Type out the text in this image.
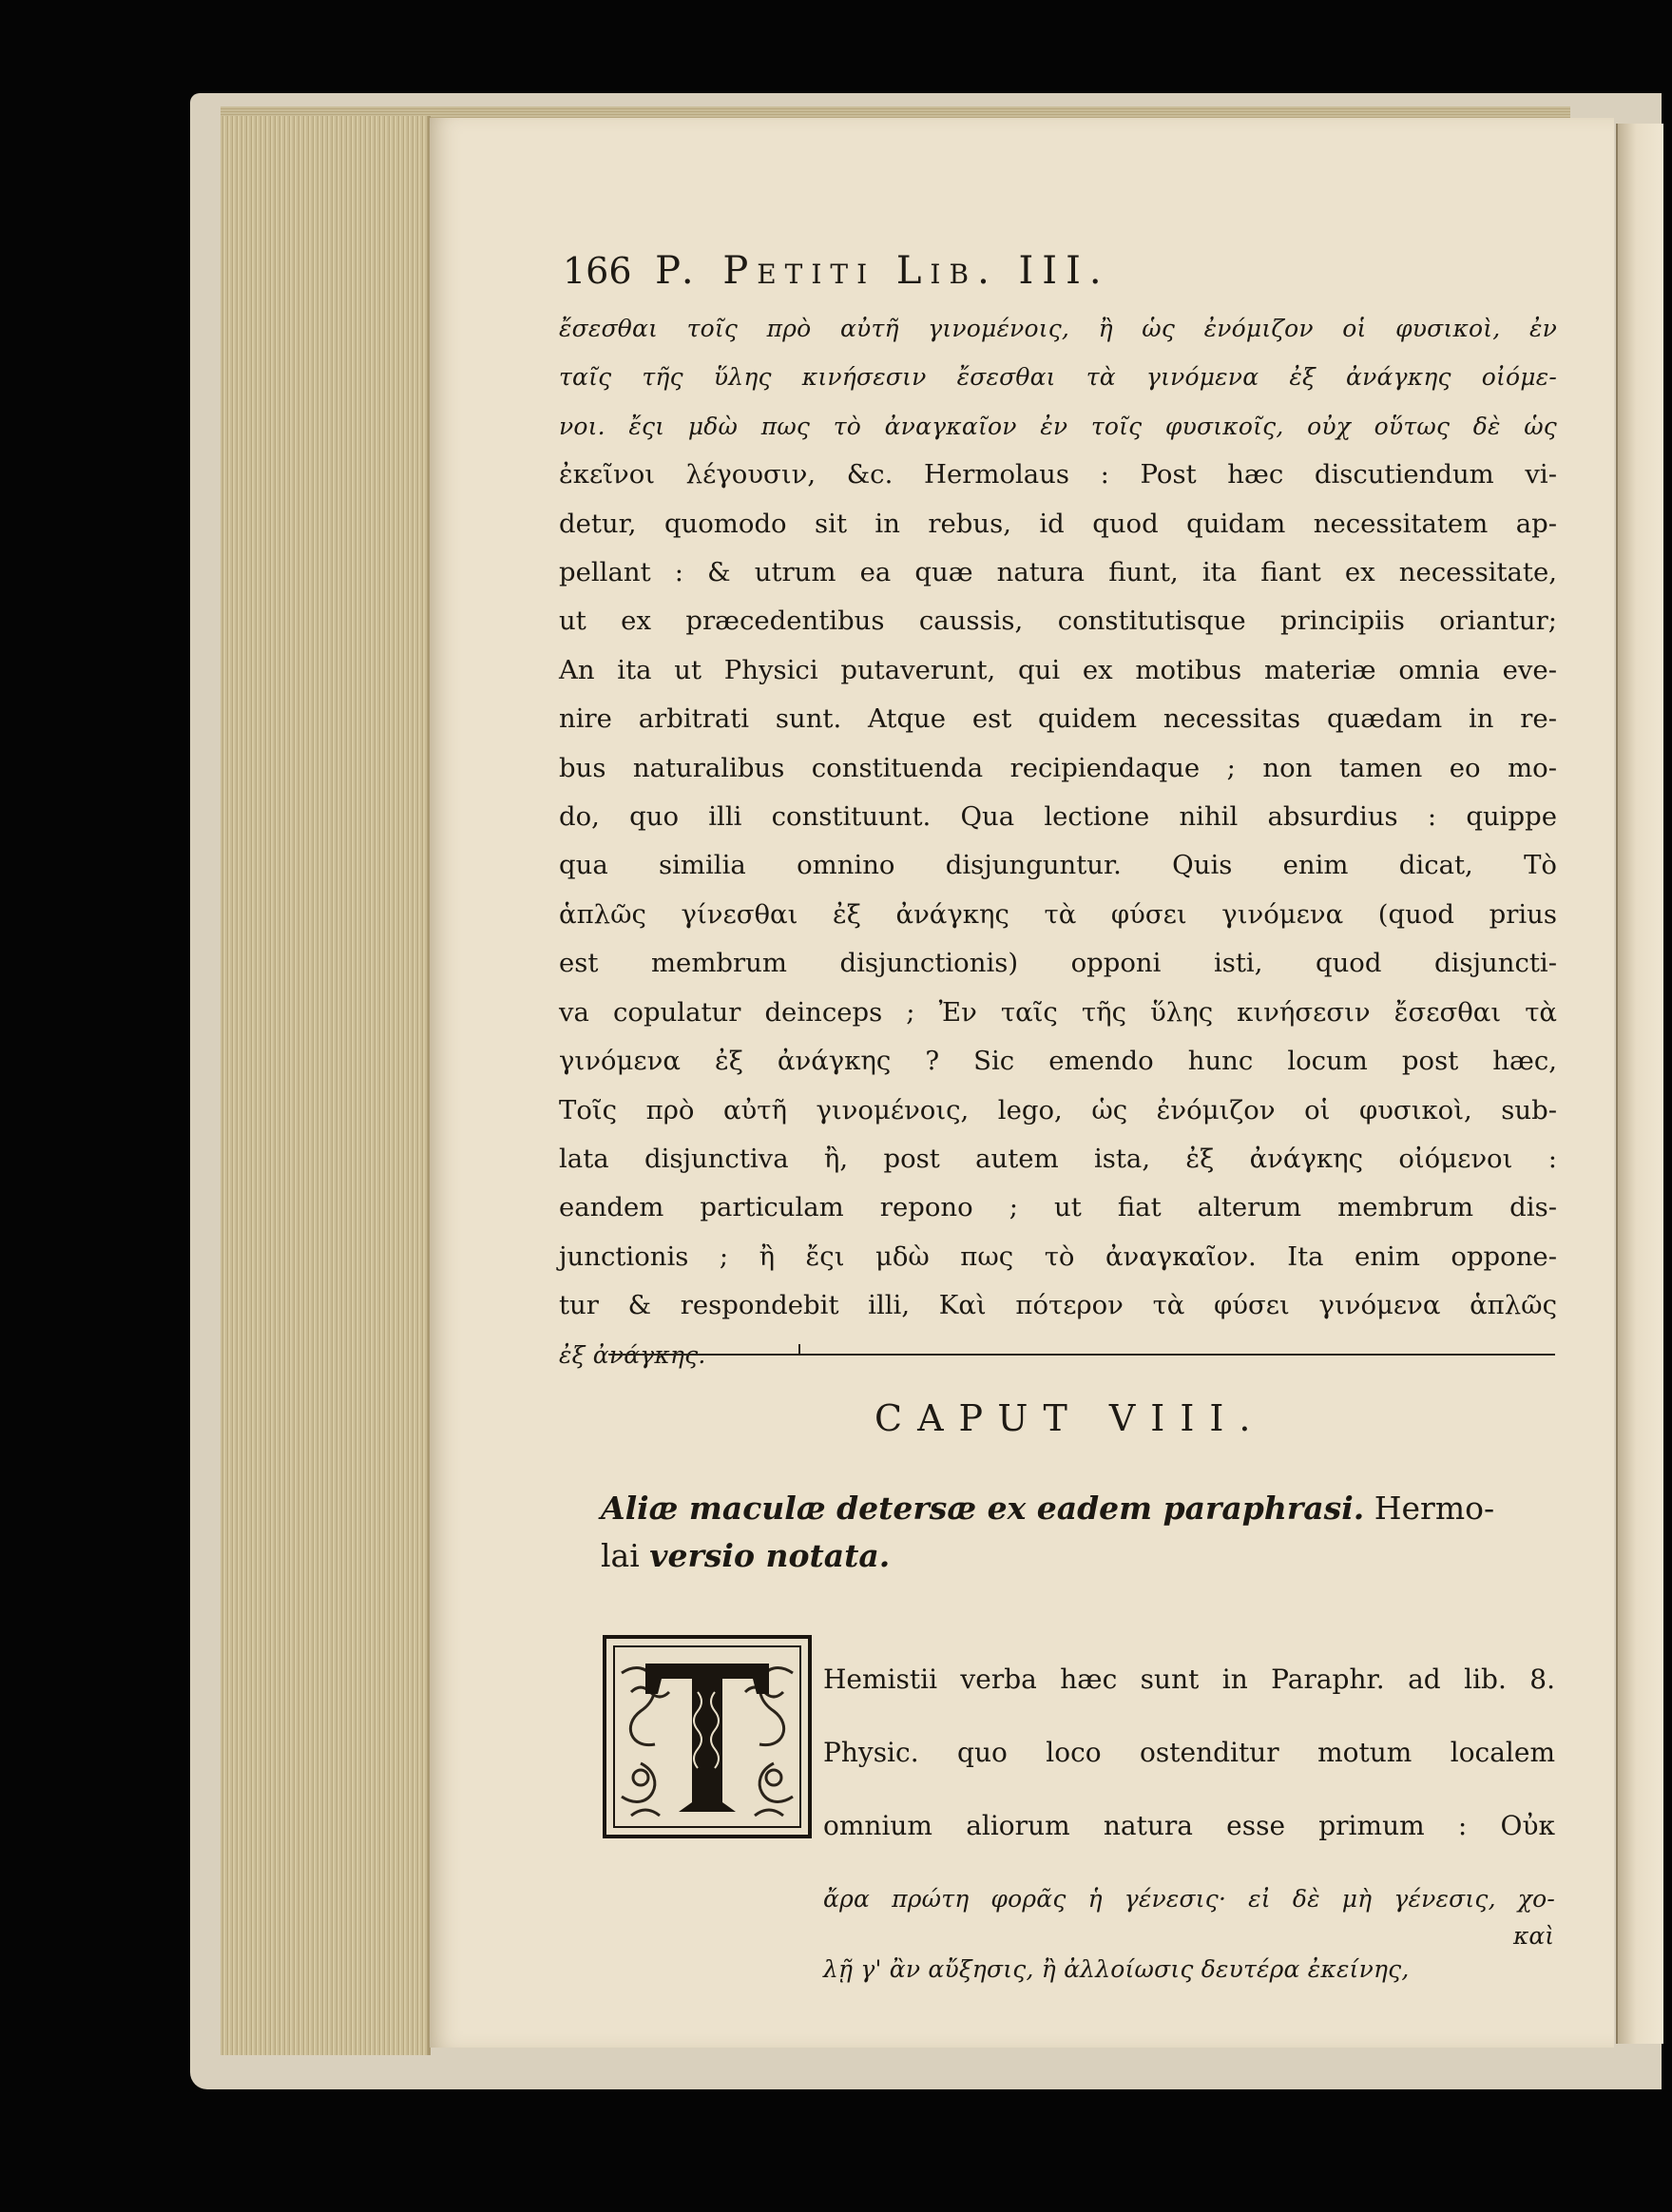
166 P. Petiti Lib. III.

ἔσεσθαι τοῖς πρὸ αὐτῆ γινομένοις, ἢ ὡς ἐνόμιζον οἱ φυσικοὶ, ἐν

ταῖς τῆς ὕλης κινήσεσιν ἔσεσθαι τὰ γινόμενα ἐξ ἀνάγκης οἰόμε-

νοι. ἔςι μδὼ πως τὸ ἀναγκαῖον ἐν τοῖς φυσικοῖς, οὐχ οὕτως δὲ ὡς

ἐκεῖνοι λέγουσιν, &c. Hermolaus : Post hæc discutiendum vi-

detur, quomodo sit in rebus, id quod quidam necessitatem ap-

pellant : & utrum ea quæ natura fiunt, ita fiant ex necessitate,

ut ex præcedentibus caussis, constitutisque principiis oriantur;

An ita ut Physici putaverunt, qui ex motibus materiæ omnia eve-

nire arbitrati sunt. Atque est quidem necessitas quædam in re-

bus naturalibus constituenda recipiendaque ; non tamen eo mo-

do, quo illi constituunt. Qua lectione nihil absurdius : quippe

qua similia omnino disjunguntur. Quis enim dicat, Τὸ

ἁπλῶς γίνεσθαι ἐξ ἀνάγκης τὰ φύσει γινόμενα (quod prius

est membrum disjunctionis) opponi isti, quod disjuncti-

va copulatur deinceps ; Ἐν ταῖς τῆς ὕλης κινήσεσιν ἔσεσθαι τὰ

γινόμενα ἐξ ἀνάγκης ? Sic emendo hunc locum post hæc,

Τοῖς πρὸ αὐτῆ γινομένοις, lego, ὡς ἐνόμιζον οἱ φυσικοὶ, sub-

lata disjunctiva ἢ, post autem ista, ἐξ ἀνάγκης οἰόμενοι :

eandem particulam repono ; ut fiat alterum membrum dis-

junctionis ; ἢ ἔςι μδὼ πως τὸ ἀναγκαῖον. Ita enim oppone-

tur & respondebit illi, Καὶ πότερον τὰ φύσει γινόμενα ἁπλῶς

ἐξ ἀνάγκης.

CAPUT VIII.
Aliæ maculæ detersæ ex eadem paraphrasi. Hermo-
lai versio notata.

Hemistii verba hæc sunt in Paraphr. ad lib. 8.

Physic. quo loco ostenditur motum localem

omnium aliorum natura esse primum : Οὐκ

ἄρα πρώτη φορᾶς ἡ γένεσις· εἰ δὲ μὴ γένεσις, χο-

λῇ γ' ἂν αὔξησις, ἢ ἀλλοίωσις δευτέρα ἐκείνης,

καὶ
